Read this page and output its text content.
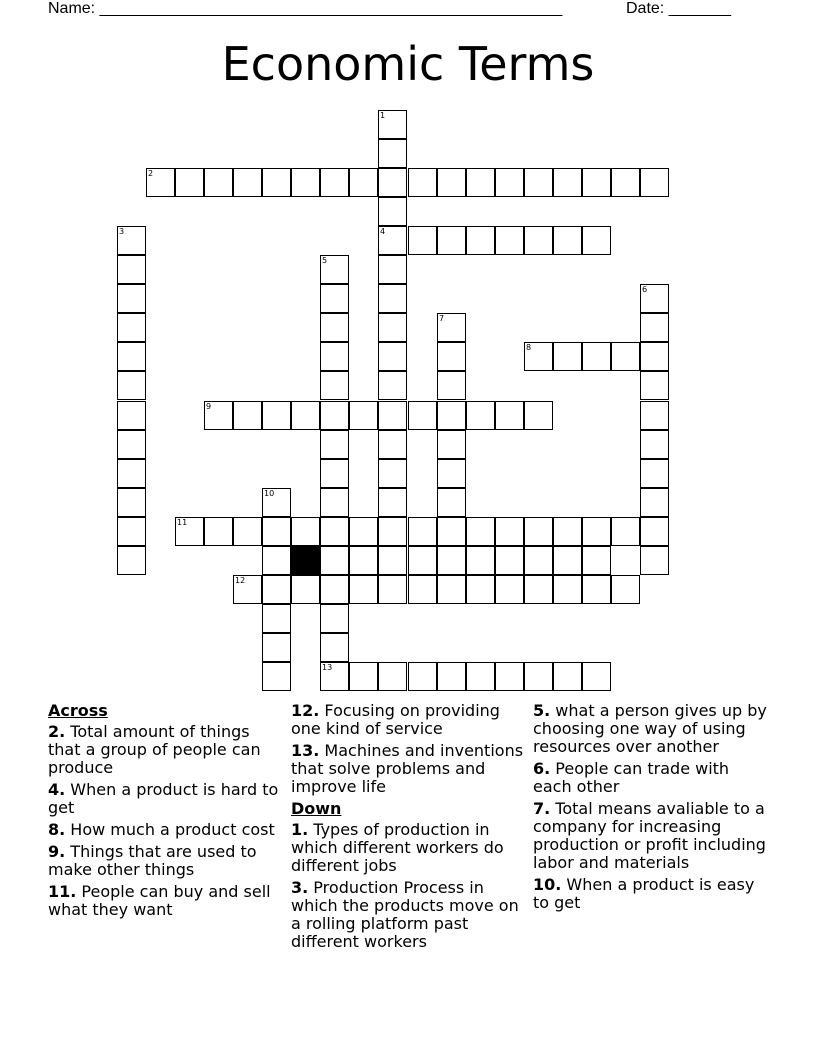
Name: ____________________________________________________	Date: _______
Economic Terms
1
4
2
3
5
6
7
8
9
10
11
12
13
Across
2. Total amount of things that a group of people can produce
4. When a product is hard to get
8. How much a product cost
9. Things that are used to make other things
11. People can buy and sell what they want
12. Focusing on providing one kind of service
13. Machines and inventions that solve problems and improve life
Down
1. Types of production in which different workers do different jobs
3. Production Process in which the products move on a rolling platform past different workers
5. what a person gives up by choosing one way of using resources over another
6. People can trade with each other
7. Total means avaliable to a company for increasing production or profit including labor and materials
10. When a product is easy to get
